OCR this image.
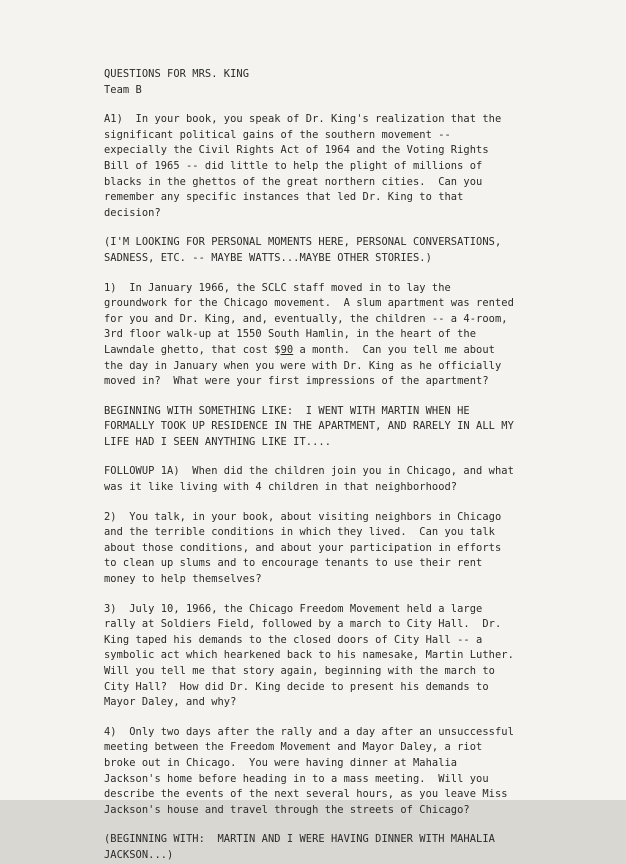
QUESTIONS FOR MRS. KING
Team B
A1)  In your book, you speak of Dr. King's realization that the
significant political gains of the southern movement --
expecially the Civil Rights Act of 1964 and the Voting Rights
Bill of 1965 -- did little to help the plight of millions of
blacks in the ghettos of the great northern cities.  Can you
remember any specific instances that led Dr. King to that
decision?
(I'M LOOKING FOR PERSONAL MOMENTS HERE, PERSONAL CONVERSATIONS,
SADNESS, ETC. -- MAYBE WATTS...MAYBE OTHER STORIES.)
1)  In January 1966, the SCLC staff moved in to lay the
groundwork for the Chicago movement.  A slum apartment was rented
for you and Dr. King, and, eventually, the children -- a 4-room,
3rd floor walk-up at 1550 South Hamlin, in the heart of the
Lawndale ghetto, that cost $90 a month.  Can you tell me about
the day in January when you were with Dr. King as he officially
moved in?  What were your first impressions of the apartment?
BEGINNING WITH SOMETHING LIKE:  I WENT WITH MARTIN WHEN HE
FORMALLY TOOK UP RESIDENCE IN THE APARTMENT, AND RARELY IN ALL MY
LIFE HAD I SEEN ANYTHING LIKE IT....
FOLLOWUP 1A)  When did the children join you in Chicago, and what
was it like living with 4 children in that neighborhood?
2)  You talk, in your book, about visiting neighbors in Chicago
and the terrible conditions in which they lived.  Can you talk
about those conditions, and about your participation in efforts
to clean up slums and to encourage tenants to use their rent
money to help themselves?
3)  July 10, 1966, the Chicago Freedom Movement held a large
rally at Soldiers Field, followed by a march to City Hall.  Dr.
King taped his demands to the closed doors of City Hall -- a
symbolic act which hearkened back to his namesake, Martin Luther.
Will you tell me that story again, beginning with the march to
City Hall?  How did Dr. King decide to present his demands to
Mayor Daley, and why?
4)  Only two days after the rally and a day after an unsuccessful
meeting between the Freedom Movement and Mayor Daley, a riot
broke out in Chicago.  You were having dinner at Mahalia
Jackson's home before heading in to a mass meeting.  Will you
describe the events of the next several hours, as you leave Miss
Jackson's house and travel through the streets of Chicago?
(BEGINNING WITH:  MARTIN AND I WERE HAVING DINNER WITH MAHALIA
JACKSON...)
